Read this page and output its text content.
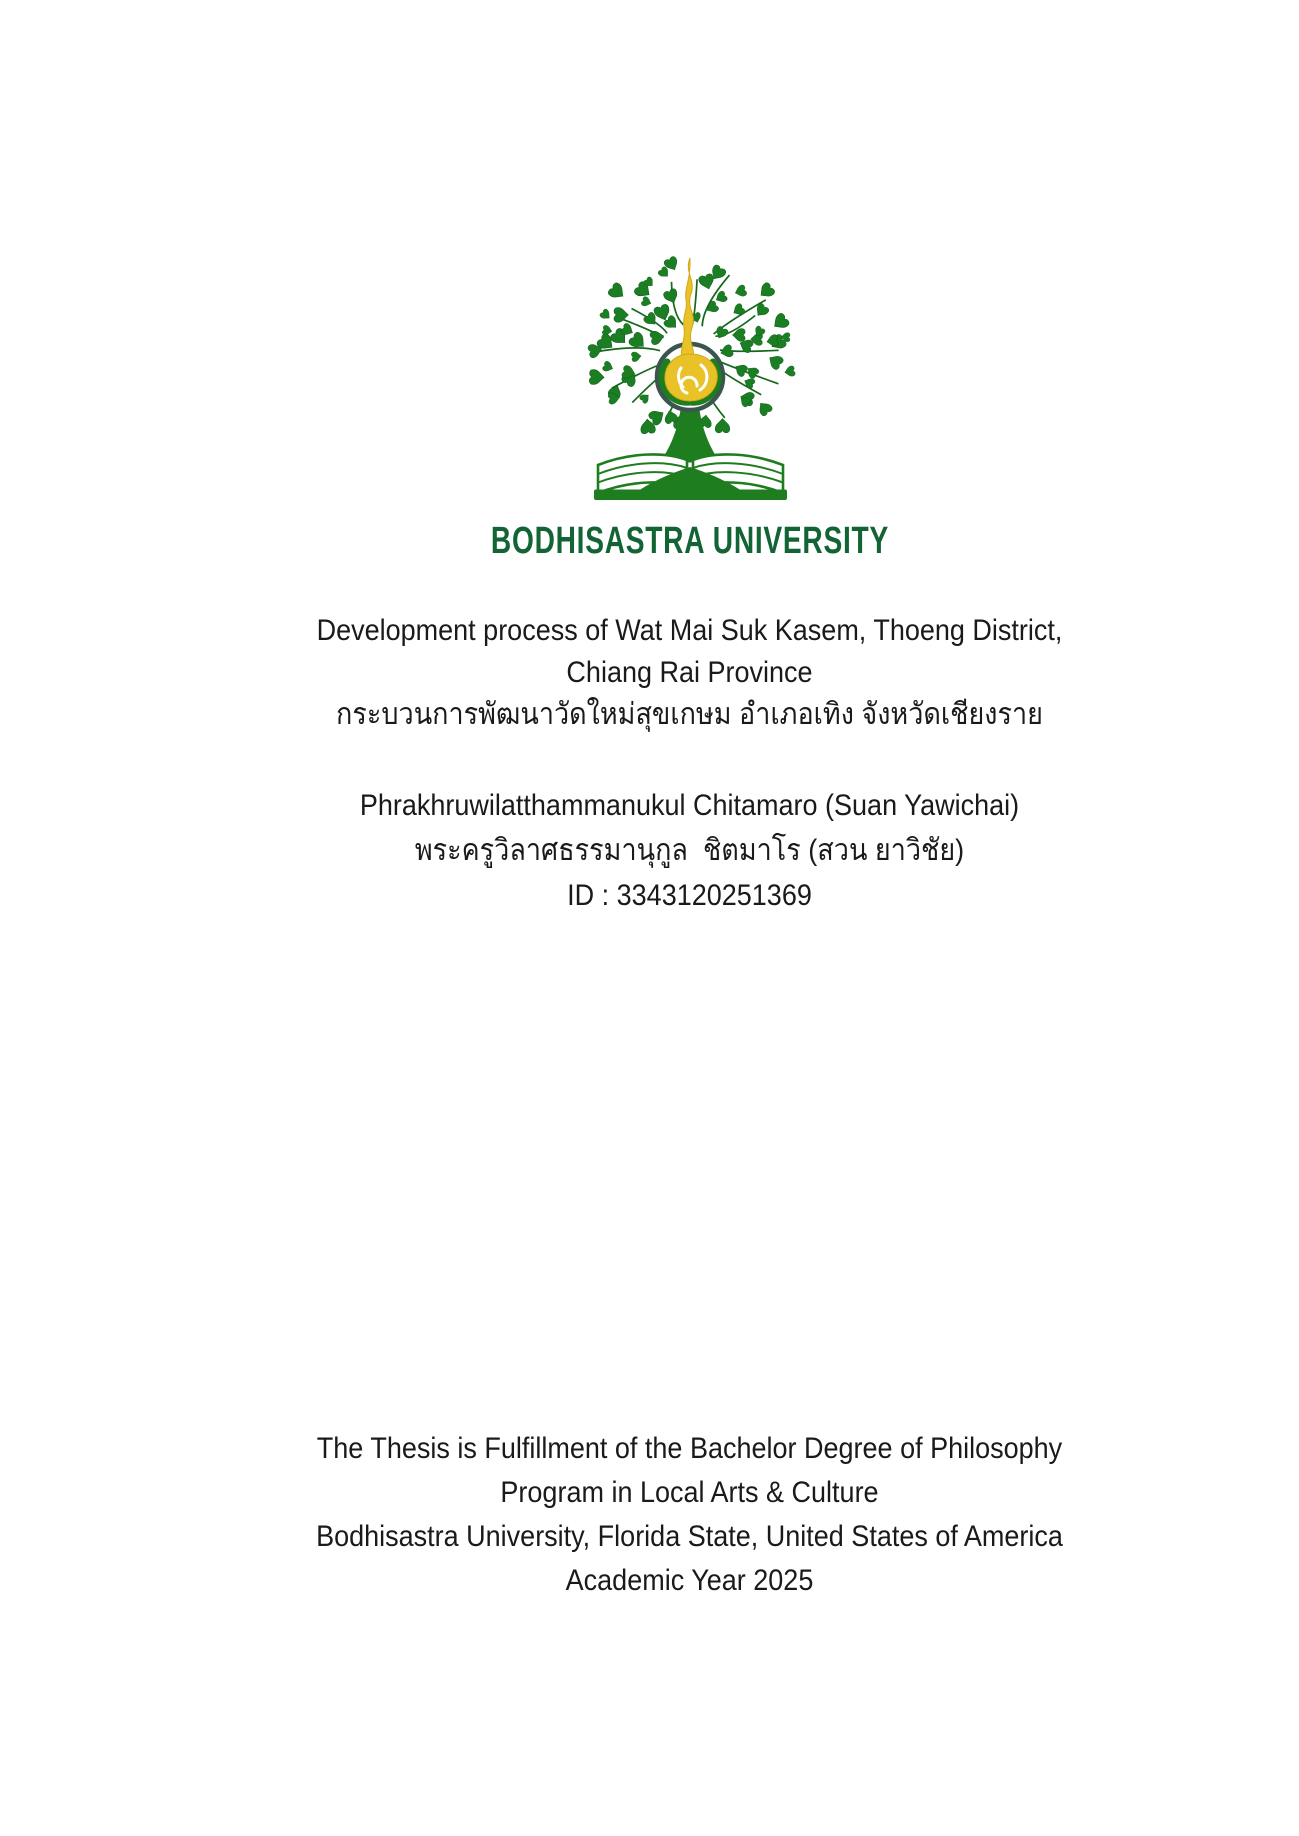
BODHISASTRA UNIVERSITY
Development process of Wat Mai Suk Kasem, Thoeng District,
Chiang Rai Province
กระบวนการพัฒนาวัดใหม่สุขเกษม อำเภอเทิง จังหวัดเชียงราย
Phrakhruwilatthammanukul Chitamaro (Suan Yawichai)
พระครูวิลาศธรรมานุกูล  ชิตมาโร (สวน ยาวิชัย)
ID : 3343120251369
The Thesis is Fulfillment of the Bachelor Degree of Philosophy
Program in Local Arts & Culture
Bodhisastra University, Florida State, United States of America
Academic Year 2025
